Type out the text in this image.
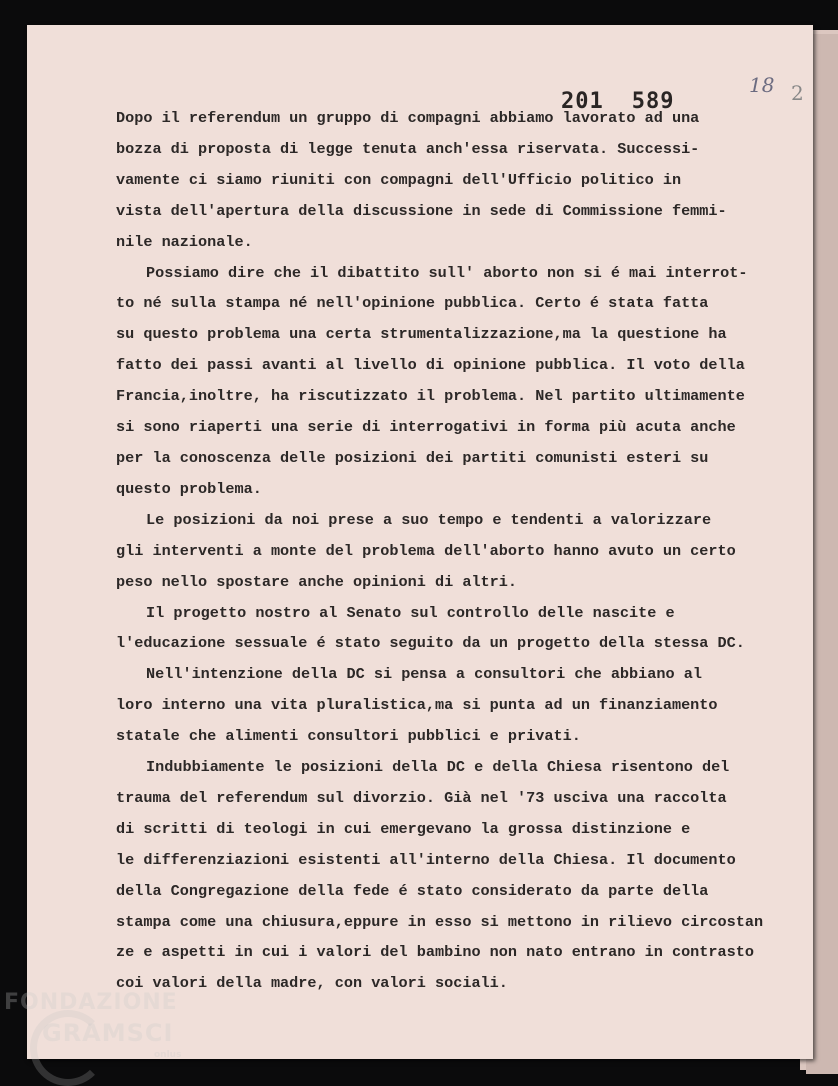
201 589
18 2
Dopo il referendum un gruppo di compagni abbiamo lavorato ad una
bozza di proposta di legge tenuta anch'essa riservata. Successi-
vamente ci siamo riuniti con compagni dell'Ufficio politico in
vista dell'apertura della discussione in sede di Commissione femmi-
nile nazionale.
Possiamo dire che il dibattito sull' aborto non si é mai interrot-
to né sulla stampa né nell'opinione pubblica. Certo é stata fatta
su questo problema una certa strumentalizzazione,ma la questione ha
fatto dei passi avanti al livello di opinione pubblica. Il voto della
Francia,inoltre, ha riscutizzato il problema. Nel partito ultimamente
si sono riaperti una serie di interrogativi in forma più acuta anche
per la conoscenza delle posizioni dei partiti comunisti esteri su
questo problema.
Le posizioni da noi prese a suo tempo e tendenti a valorizzare
gli interventi a monte del problema dell'aborto hanno avuto un certo
peso nello spostare anche opinioni di altri.
Il progetto nostro al Senato sul controllo delle nascite e
l'educazione sessuale é stato seguito da un progetto della stessa DC.
Nell'intenzione della DC si pensa a consultori che abbiano al
loro interno una vita pluralistica,ma si punta ad un finanziamento
statale che alimenti consultori pubblici e privati.
Indubbiamente le posizioni della DC e della Chiesa risentono del
trauma del referendum sul divorzio. Già nel '73 usciva una raccolta
di scritti di teologi in cui emergevano la grossa distinzione e
le differenziazioni esistenti all'interno della Chiesa. Il documento
della Congregazione della fede é stato considerato da parte della
stampa come una chiusura,eppure in esso si mettono in rilievo circostan
ze e aspetti in cui i valori del bambino non nato entrano in contrasto
coi valori della madre, con valori sociali.
FONDAZIONE
GRAMSCI
onlus
